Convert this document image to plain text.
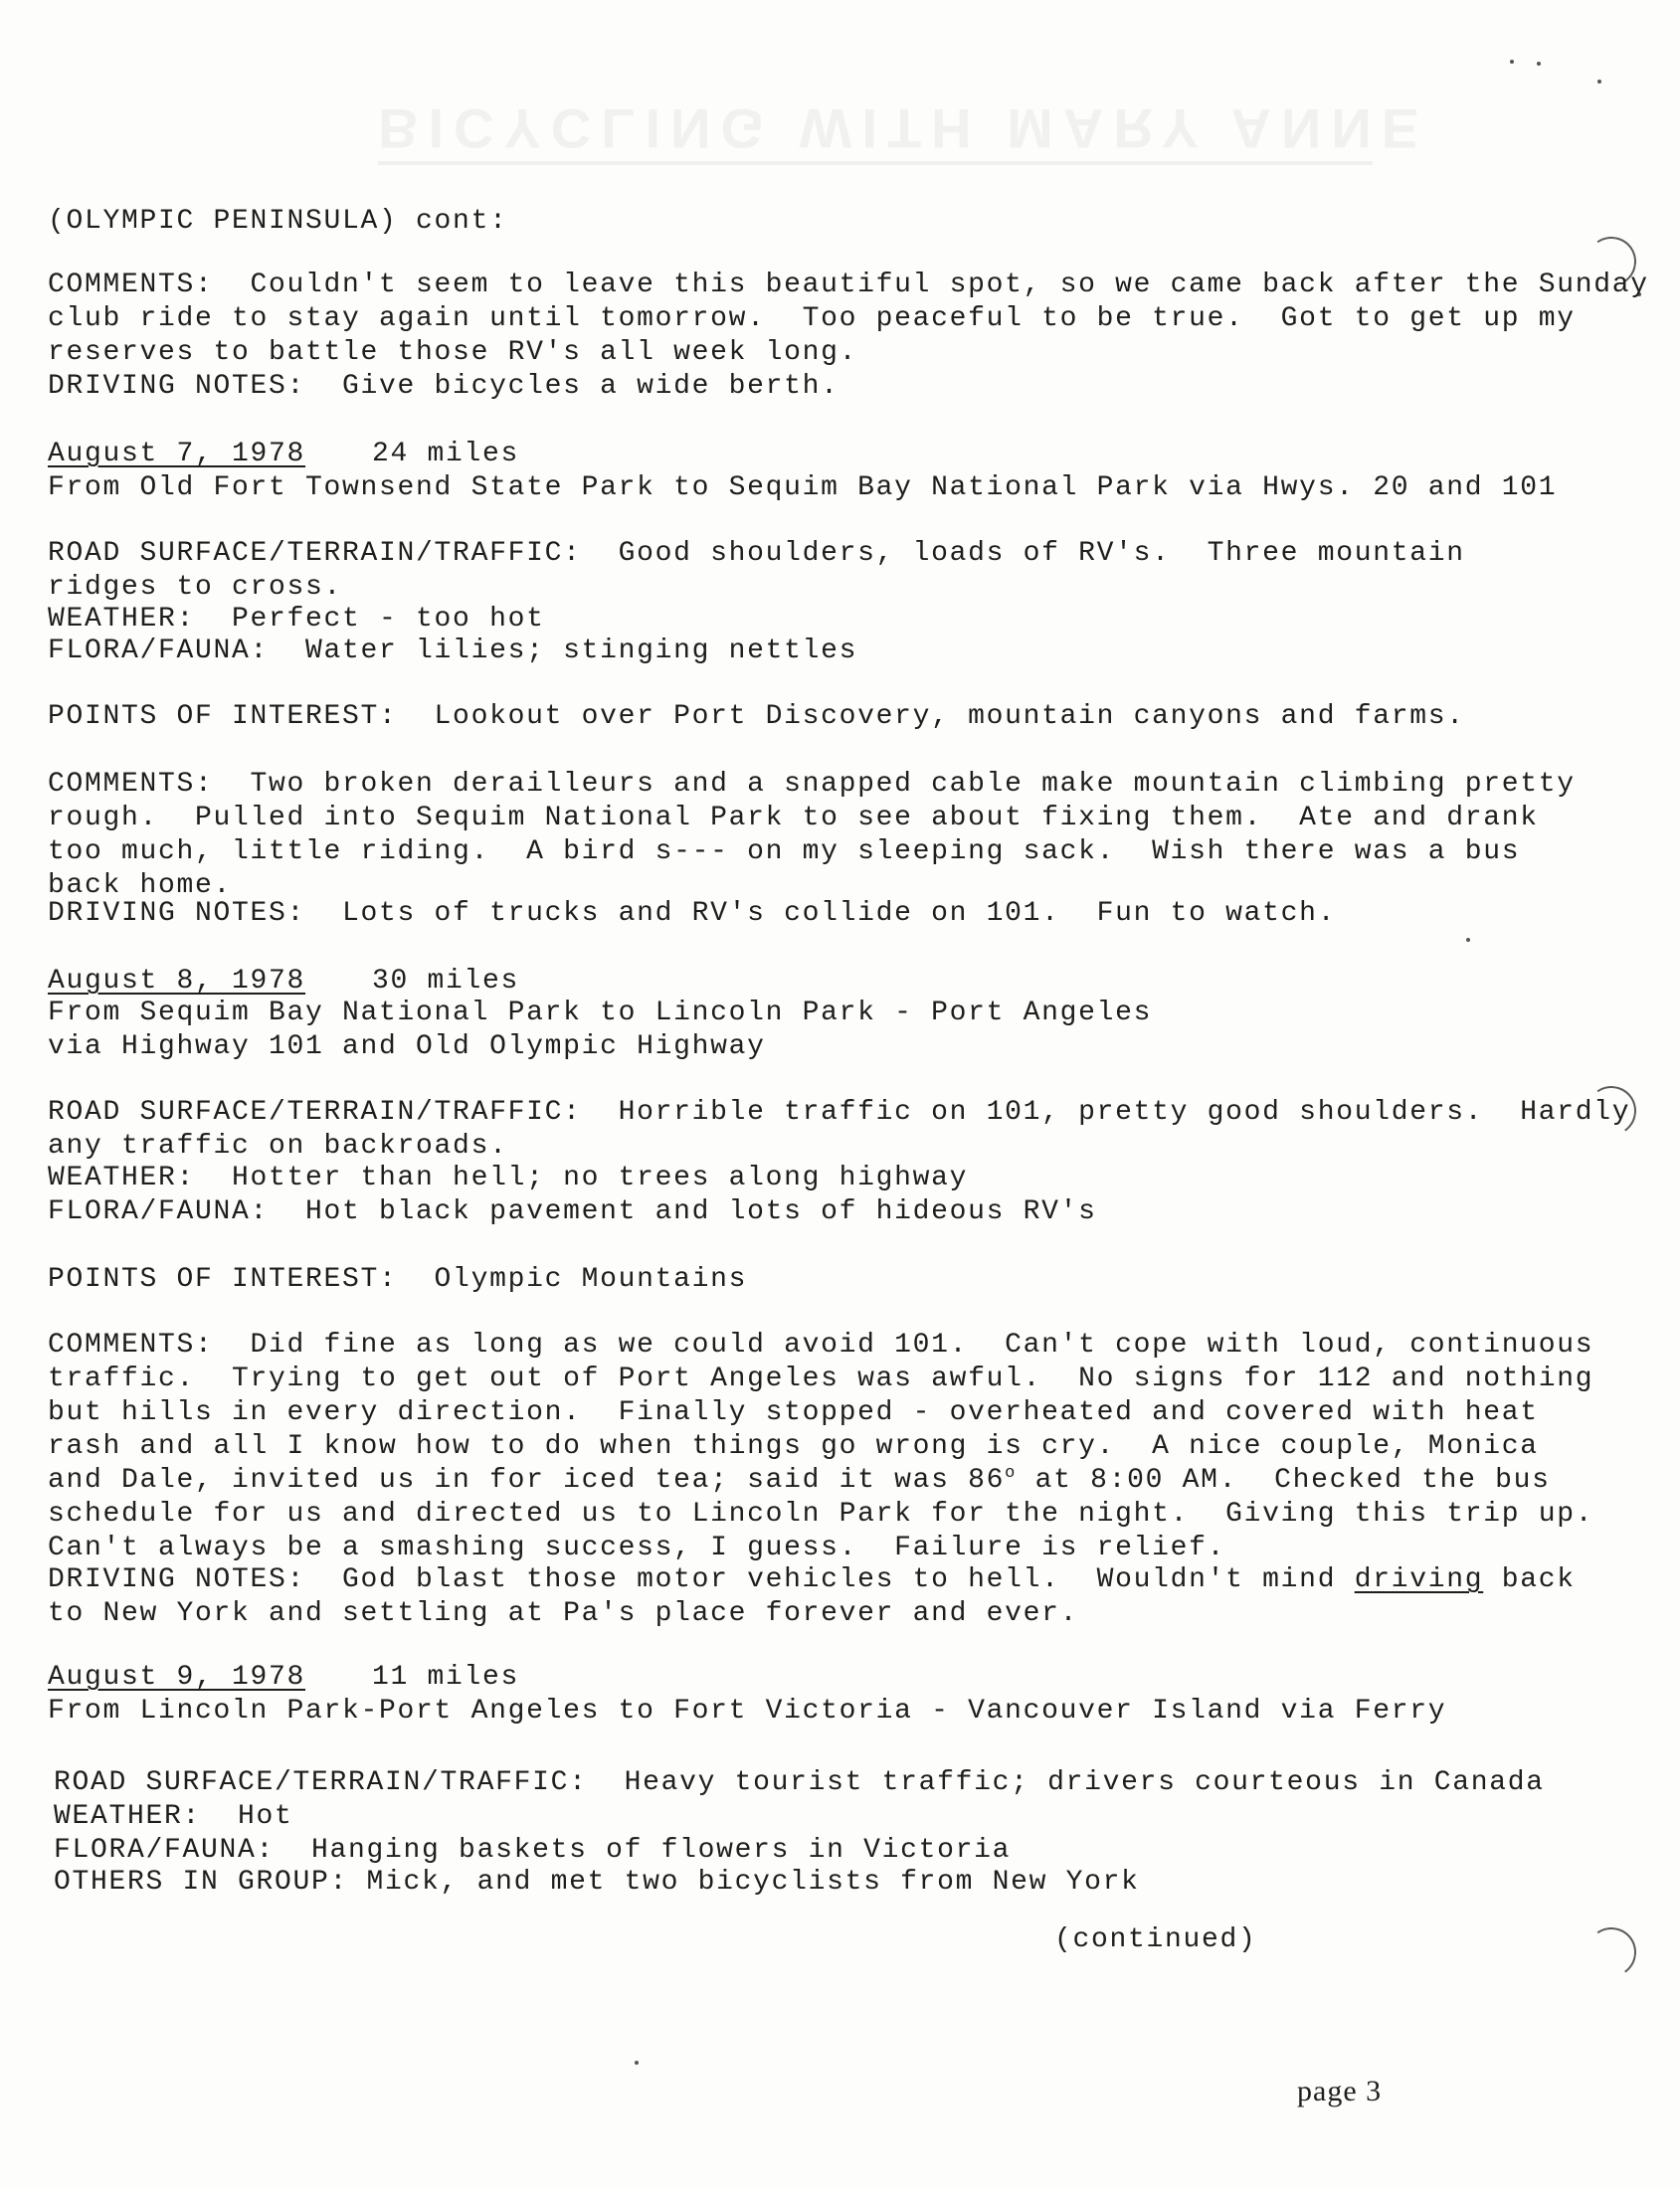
BICYCLING WITH MARY ANNE
(OLYMPIC PENINSULA) cont:
COMMENTS:  Couldn't seem to leave this beautiful spot, so we came back after the Sunday
club ride to stay again until tomorrow.  Too peaceful to be true.  Got to get up my
reserves to battle those RV's all week long.
DRIVING NOTES:  Give bicycles a wide berth.
August 7, 1978 24 miles
From Old Fort Townsend State Park to Sequim Bay National Park via Hwys. 20 and 101
ROAD SURFACE/TERRAIN/TRAFFIC:  Good shoulders, loads of RV's.  Three mountain
ridges to cross.
WEATHER:  Perfect - too hot
FLORA/FAUNA:  Water lilies; stinging nettles
POINTS OF INTEREST:  Lookout over Port Discovery, mountain canyons and farms.
COMMENTS:  Two broken derailleurs and a snapped cable make mountain climbing pretty
rough.  Pulled into Sequim National Park to see about fixing them.  Ate and drank
too much, little riding.  A bird s--- on my sleeping sack.  Wish there was a bus
back home.
DRIVING NOTES:  Lots of trucks and RV's collide on 101.  Fun to watch.
August 8, 1978 30 miles
From Sequim Bay National Park to Lincoln Park - Port Angeles
via Highway 101 and Old Olympic Highway
ROAD SURFACE/TERRAIN/TRAFFIC:  Horrible traffic on 101, pretty good shoulders.  Hardly
any traffic on backroads.
WEATHER:  Hotter than hell; no trees along highway
FLORA/FAUNA:  Hot black pavement and lots of hideous RV's
POINTS OF INTEREST:  Olympic Mountains
COMMENTS:  Did fine as long as we could avoid 101.  Can't cope with loud, continuous
traffic.  Trying to get out of Port Angeles was awful.  No signs for 112 and nothing
but hills in every direction.  Finally stopped - overheated and covered with heat
rash and all I know how to do when things go wrong is cry.  A nice couple, Monica
and Dale, invited us in for iced tea; said it was 86$^o$ at 8:00 AM.  Checked the bus
schedule for us and directed us to Lincoln Park for the night.  Giving this trip up.
Can't always be a smashing success, I guess.  Failure is relief.
DRIVING NOTES:  God blast those motor vehicles to hell.  Wouldn't mind driving back
to New York and settling at Pa's place forever and ever.
August 9, 1978 11 miles
From Lincoln Park-Port Angeles to Fort Victoria - Vancouver Island via Ferry
ROAD SURFACE/TERRAIN/TRAFFIC:  Heavy tourist traffic; drivers courteous in Canada
WEATHER:  Hot
FLORA/FAUNA:  Hanging baskets of flowers in Victoria
OTHERS IN GROUP: Mick, and met two bicyclists from New York
(continued)
page 3
